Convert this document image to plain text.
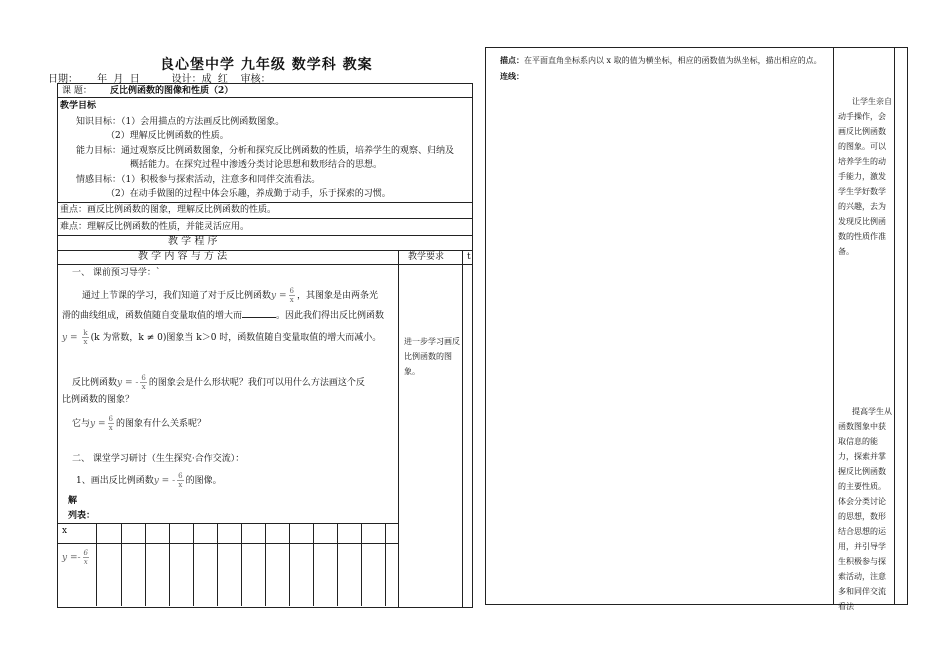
良心堡中学 九年级 数学科 教案
日期：      年  月  日          设计：成  红    审核：
课 题： 反比例函数的图像和性质（2）
教学目标
知识目标：（1）会用描点的方法画反比例函数图象。
（2）理解反比例函数的性质。
能力目标：通过观察反比例函数图象，分析和探究反比例函数的性质，培养学生的观察、归纳及
概括能力。在探究过程中渗透分类讨论思想和数形结合的思想。
情感目标：（1）积极参与探索活动，注意多和同伴交流看法。
（2）在动手做图的过程中体会乐趣，养成勤于动手，乐于探索的习惯。
重点：画反比例函数的图象，理解反比例函数的性质。
难点：理解反比例函数的性质，并能灵活应用。
教 学 程 序
教 学 内 容 与 方 法	教学要求	t
一、 课前预习导学：`
通过上节课的学习，我们知道了对于反比例函数$y = \frac{6}{x}$ ，其图象是由两条光
滑的曲线组成，函数值随自变量取值的增大而	。因此我们得出反比例函数
$y = \frac{k}{x} (k$ 为常数，k ≠ 0)图象当 k＞0 时，函数值随自变量取值的增大而减小。
反比例函数y = - $\frac{6}{x}$ 的图象会是什么形状呢？我们可以用什么方法画这个反
比例函数的图象？
它与$y = \frac{6}{x}$ 的图象有什么关系呢？
二、 课堂学习研讨（生生探究·合作交流）：
1、画出反比例函数y = - $\frac{6}{x}$ 的图像。
解
列表：
x
$y =- \frac{6}{x}$
进一步学习画反比例函数的图象。
描点：在平面直角坐标系内以 x 取的值为横坐标，相应的函数值为纵坐标，描出相应的点。
连线：
让学生亲自动手操作，会画反比例函数的图象。可以培养学生的动手能力，激发学生学好数学的兴趣，去为发现反比例函数的性质作准备。
提高学生从函数图象中获取信息的能力，探索并掌握反比例函数的主要性质。体会分类讨论的思想，数形结合思想的运用，并引导学生积极参与探索活动，注意多和同伴交流看法
